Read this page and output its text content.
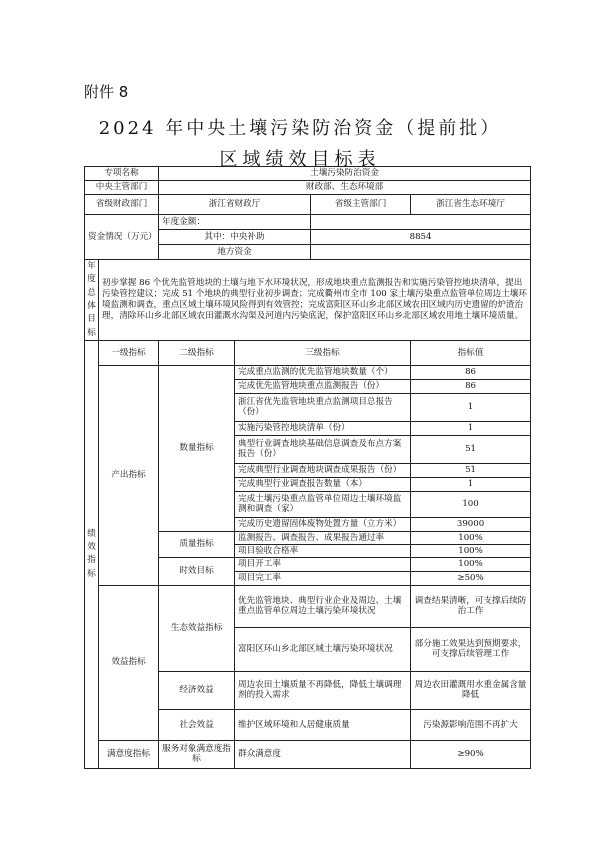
附件 8
2024 年中央土壤污染防治资金（提前批）
区域绩效目标表
专项名称		土壤污染防治资金			
中央主管部门		财政部、生态环境部			
省级财政部门		浙江省财政厅		省级主管部门	浙江省生态环境厅
资金情况（万元）		年度金额：			
		其中：中央补助		8854	
		地方资金			
年度总体目标	初步掌握 86 个优先监管地块的土壤与地下水环境状况，形成地块重点监测报告和实施污染管控地块清单，提出污染管控建议；完成 51 个地块的典型行业初步调查；完成衢州市全市 100 家土壤污染重点监管单位周边土壤环境监测和调查，重点区域土壤环境风险得到有效管控；完成富阳区环山乡北部区域农田区域内历史遗留的炉渣治理，清除环山乡北部区域农田灌溉水沟渠及河道内污染底泥，保护富阳区环山乡北部区域农用地土壤环境质量。				
绩效指标	一级指标	二级指标	三级指标		指标值
	产出指标	数量指标	完成重点监测的优先监管地块数量（个）		86
			完成优先监管地块重点监测报告（份）		86
			浙江省优先监管地块重点监测项目总报告（份）		1
			实施污染管控地块清单（份）		1
			典型行业调查地块基础信息调查及布点方案报告（份）		51
			完成典型行业调查地块调查成果报告（份）		51
			完成典型行业调查报告数量（本）		1
			完成土壤污染重点监管单位周边土壤环境监测和调查（家）		100
			完成历史遗留固体废物处置方量（立方米）		39000
		质量指标	监测报告、调查报告、成果报告通过率		100%
			项目验收合格率		100%
		时效目标	项目开工率		100%
			项目完工率		≥50%
	效益指标	生态效益指标	优先监管地块、典型行业企业及周边、土壤重点监管单位周边土壤污染环境状况		调查结果清晰，可支撑后续防治工作
			富阳区环山乡北部区域土壤污染环境状况		部分施工效果达到预期要求，可支撑后续管理工作
		经济效益	周边农田土壤质量不再降低，降低土壤调理剂的投入需求		周边农田灌溉用水重金属含量降低
		社会效益	维护区域环境和人居健康质量		污染源影响范围不再扩大
	满意度指标	服务对象满意度指标	群众满意度		≥90%
